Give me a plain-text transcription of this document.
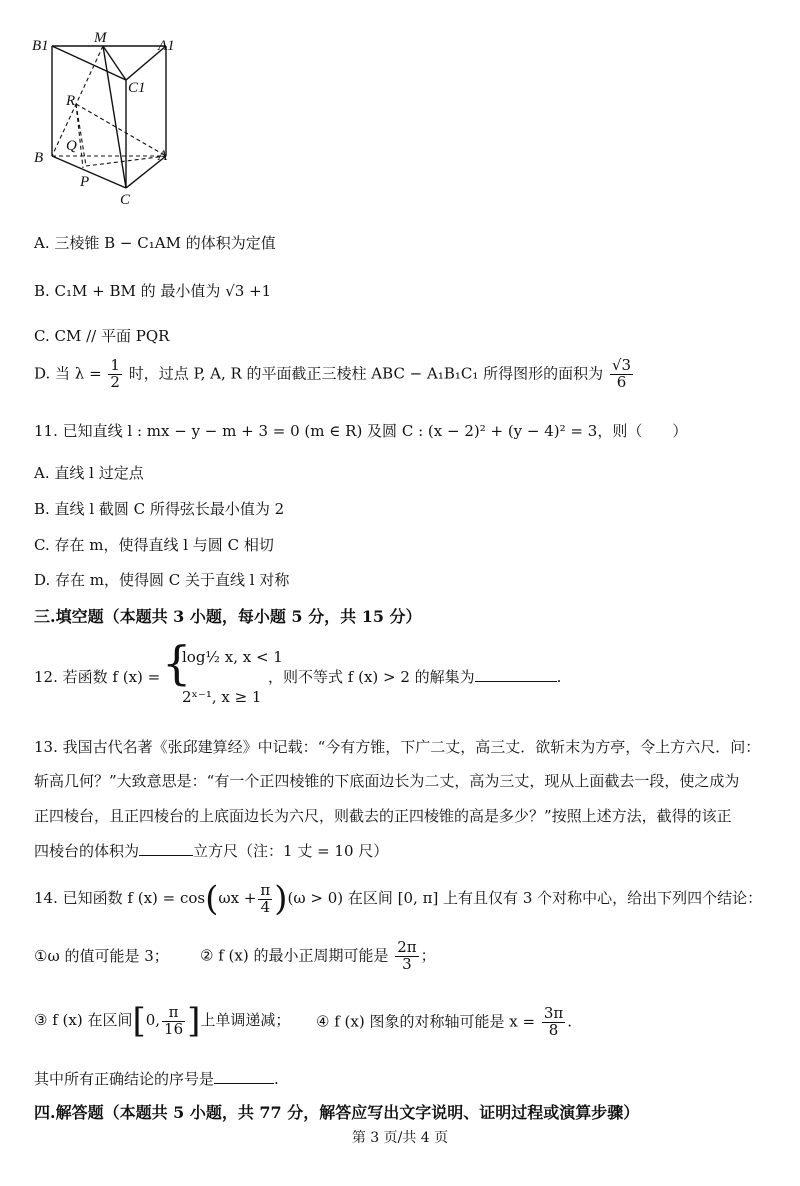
B1	M	A1
C1
R
Q
B	A
P
C
A. 三棱锥 B − C₁AM 的体积为定值
B. C₁M + BM 的 最小值为 √3 +1
C. CM // 平面 PQR
D. 当 $\lambda = \frac{1}{2}$ 时，过点 P, A, R 的平面截正三棱柱 ABC − A₁B₁C₁ 所得图形的面积为 $\frac{√3}{6}$
11. 已知直线 l : mx − y − m + 3 = 0 (m ∈ R) 及圆 C : (x − 2)² + (y − 4)² = 3，则（　　）
A. 直线 l 过定点
B. 直线 l 截圆 C 所得弦长最小值为 2
C. 存在 m，使得直线 l 与圆 C 相切
D. 存在 m，使得圆 C 关于直线 l 对称
三.填空题（本题共 3 小题，每小题 5 分，共 15 分）
12. 若函数 f (x) = {
log½ x, x < 1
2ˣ⁻¹, x ≥ 1
，则不等式 f (x) > 2 的解集为	.
13. 我国古代名著《张邱建算经》中记载：“今有方锥，下广二丈，高三丈．欲斩末为方亭，令上方六尺．问：
斩高几何？”大致意思是：“有一个正四棱锥的下底面边长为二丈，高为三丈，现从上面截去一段，使之成为
正四棱台，且正四棱台的上底面边长为六尺，则截去的正四棱锥的高是多少？”按照上述方法，截得的该正
四棱台的体积为	立方尺（注：1 丈 = 10 尺）
14. 已知函数 f $(x) = \cos(\omega x + \frac{\pi}{4} )(\omega > 0)$ 在区间 [0, π] 上有且仅有 3 个对称中心，给出下列四个结论：
①ω 的值可能是 3； ② f (x) 的最小正周期可能是 $\frac{2\pi}{3}$ ；
③ f (x) 在区间[0, $\frac{\pi}{16}$ ]上单调递减； ④ f (x) 图象的对称轴可能是 $x = \frac{3\pi}{8}$ .
其中所有正确结论的序号是	.
四.解答题（本题共 5 小题，共 77 分，解答应写出文字说明、证明过程或演算步骤）
第 3 页/共 4 页
